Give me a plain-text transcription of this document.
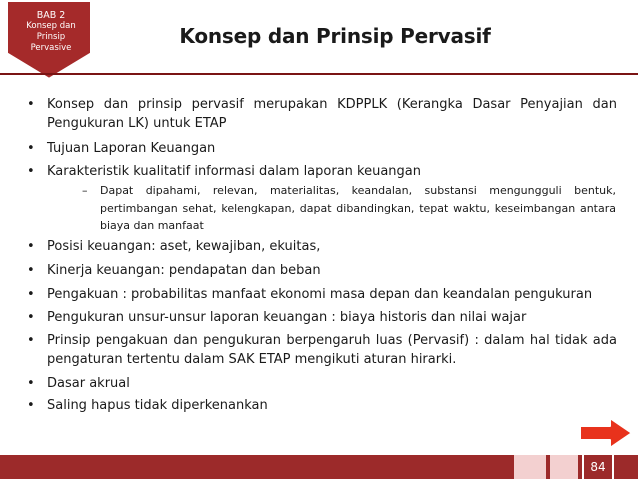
BAB 2
Konsep dan
Prinsip
Pervasive	Konsep dan Prinsip Pervasif
• Konsep dan prinsip pervasif merupakan KDPPLK (Kerangka Dasar Penyajian dan Pengukuran LK) untuk ETAP
• Tujuan Laporan Keuangan
• Karakteristik kualitatif informasi dalam laporan keuangan
– Dapat dipahami, relevan, materialitas, keandalan, substansi mengungguli bentuk, pertimbangan sehat, kelengkapan, dapat dibandingkan, tepat waktu, keseimbangan antara biaya dan manfaat
• Posisi keuangan: aset, kewajiban, ekuitas,
• Kinerja keuangan: pendapatan dan beban
• Pengakuan : probabilitas manfaat ekonomi masa depan dan keandalan pengukuran
• Pengukuran unsur-unsur laporan keuangan : biaya historis dan nilai wajar
• Prinsip pengakuan dan pengukuran berpengaruh luas (Pervasif) : dalam hal tidak ada pengaturan tertentu dalam SAK ETAP mengikuti aturan hirarki.
• Dasar akrual
• Saling hapus tidak diperkenankan
84
